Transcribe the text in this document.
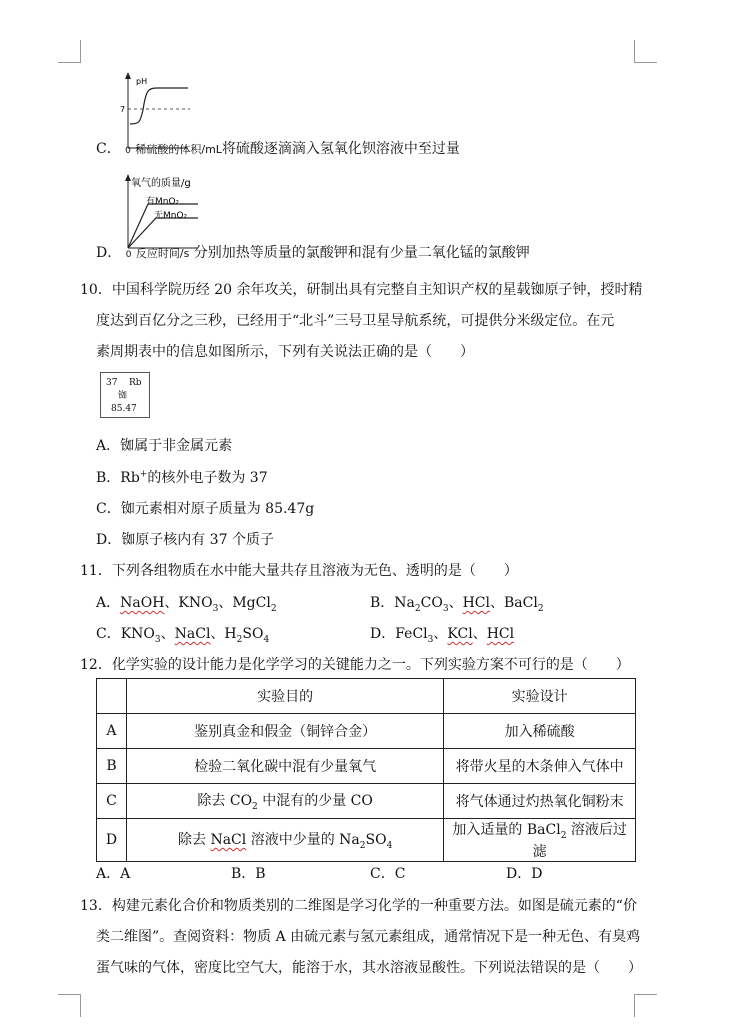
pH
7
C． 0 稀硫酸的体积/mL将硫酸逐滴滴入氢氧化钡溶液中至过量
氧气的质量/g
有MnO₂
无MnO₂
D． 0 反应时间/s 分别加热等质量的氯酸钾和混有少量二氧化锰的氯酸钾
10．中国科学院历经 20 余年攻关，研制出具有完整自主知识产权的星载铷原子钟，授时精
度达到百亿分之三秒，已经用于“北斗”三号卫星导航系统，可提供分米级定位。在元
素周期表中的信息如图所示，下列有关说法正确的是（　　）
37 Rb
铷
85.47
A．铷属于非金属元素
B．Rb+的核外电子数为 37
C．铷元素相对原子质量为 85.47g
D．铷原子核内有 37 个质子
11．下列各组物质在水中能大量共存且溶液为无色、透明的是（　　）
A．NaOH、$KNO_3$、MgCl$_2$	B．$Na_2CO_3$、HCl、BaCl$_2$
C．$KNO_3$、NaCl、$H_2SO_4$	D．FeCl$_3$、KCl、HCl
12．化学实验的设计能力是化学学习的关键能力之一。下列实验方案不可行的是（　　）
	实验目的	实验设计
A	鉴别真金和假金（铜锌合金）	加入稀硫酸
B	检验二氧化碳中混有少量氧气	将带火星的木条伸入气体中
C	除去 $CO_2$ 中混有的少量 CO	将气体通过灼热氧化铜粉末
D	除去 NaCl 溶液中少量的 $Na_2SO_4$	加入适量的 BaCl$_2$ 溶液后过滤
A．A	B．B	C．C	D．D
13．构建元素化合价和物质类别的二维图是学习化学的一种重要方法。如图是硫元素的“价
类二维图”。查阅资料：物质 A 由硫元素与氢元素组成，通常情况下是一种无色、有臭鸡
蛋气味的气体，密度比空气大，能溶于水，其水溶液显酸性。下列说法错误的是（　　）
